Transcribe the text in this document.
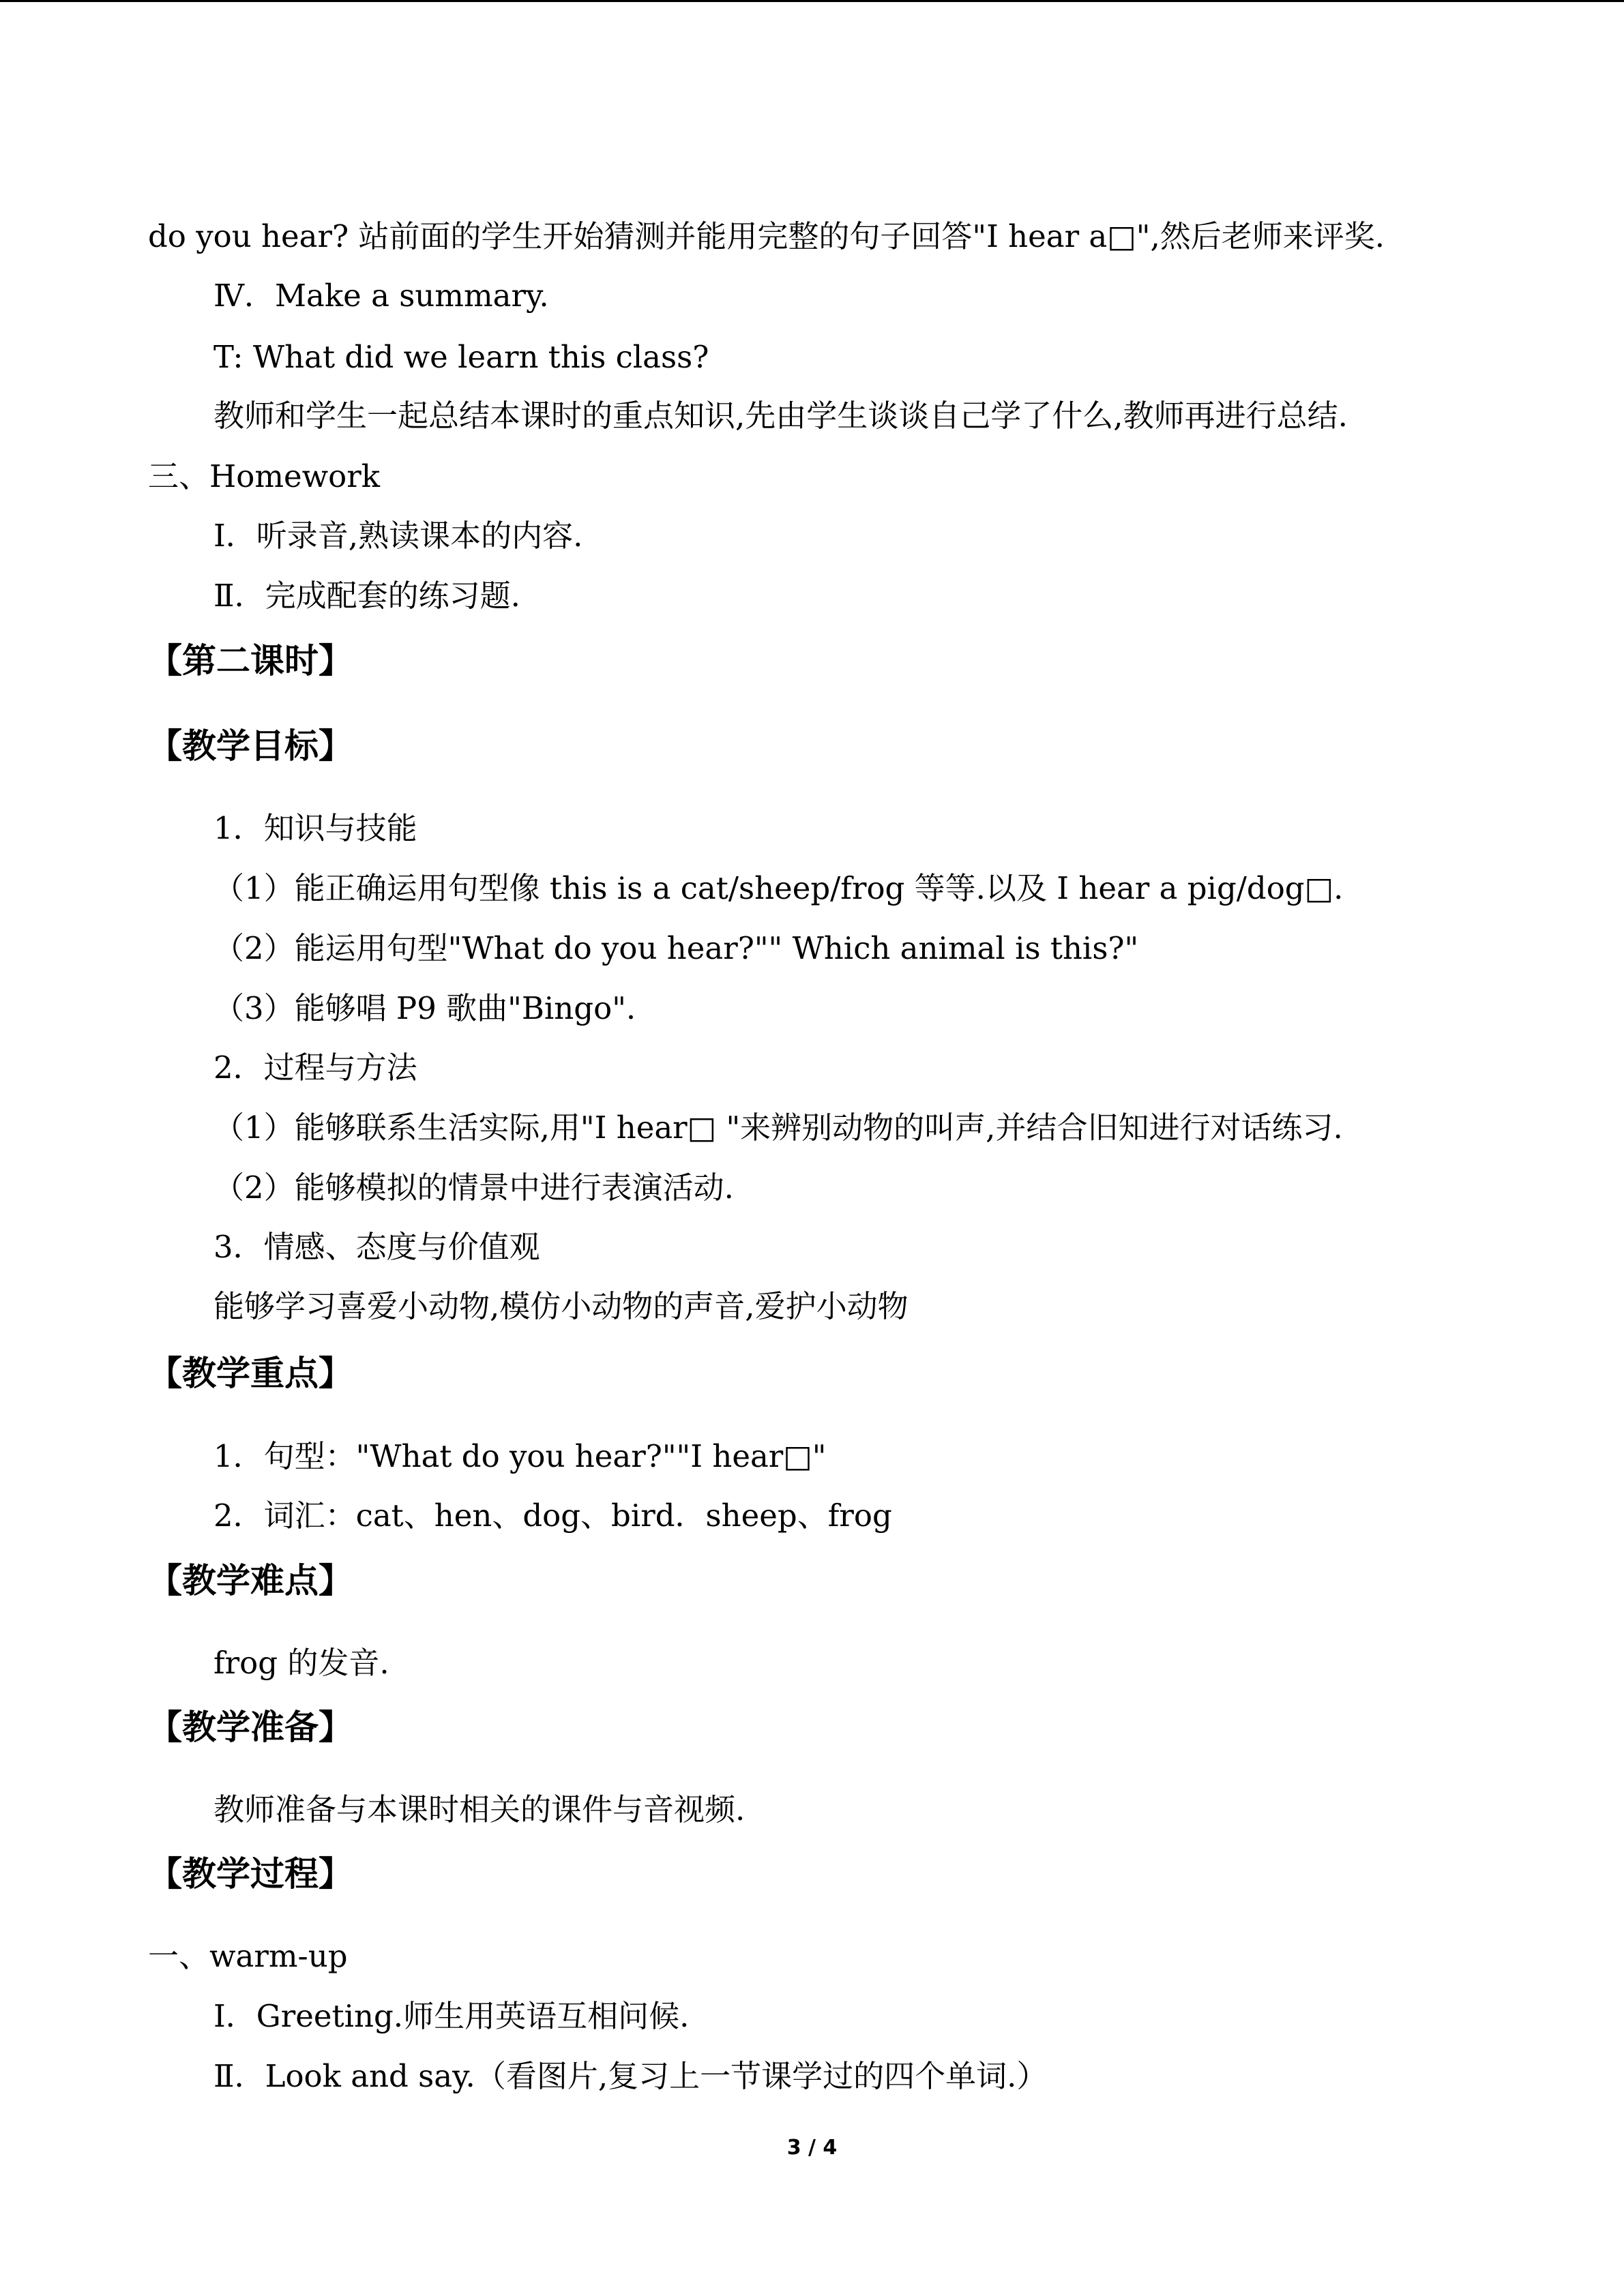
do you hear? 站前面的学生开始猜测并能用完整的句子回答"I hear a□",然后老师来评奖.
Ⅳ．Make a summary.
T: What did we learn this class?
教师和学生一起总结本课时的重点知识,先由学生谈谈自己学了什么,教师再进行总结.
三、Homework
Ⅰ．听录音,熟读课本的内容.
Ⅱ．完成配套的练习题.
【第二课时】
【教学目标】
1．知识与技能
（1）能正确运用句型像 this is a cat/sheep/frog 等等.以及 I hear a pig/dog□.
（2）能运用句型"What do you hear?"" Which animal is this?"
（3）能够唱 P9 歌曲"Bingo".
2．过程与方法
（1）能够联系生活实际,用"I hear□ "来辨别动物的叫声,并结合旧知进行对话练习.
（2）能够模拟的情景中进行表演活动.
3．情感、态度与价值观
能够学习喜爱小动物,模仿小动物的声音,爱护小动物
【教学重点】
1．句型："What do you hear?""I hear□"
2．词汇：cat、hen、dog、bird．sheep、frog
【教学难点】
frog 的发音.
【教学准备】
教师准备与本课时相关的课件与音视频.
【教学过程】
一、warm-up
Ⅰ．Greeting.师生用英语互相问候.
Ⅱ．Look and say.（看图片,复习上一节课学过的四个单词.）
3 / 4
